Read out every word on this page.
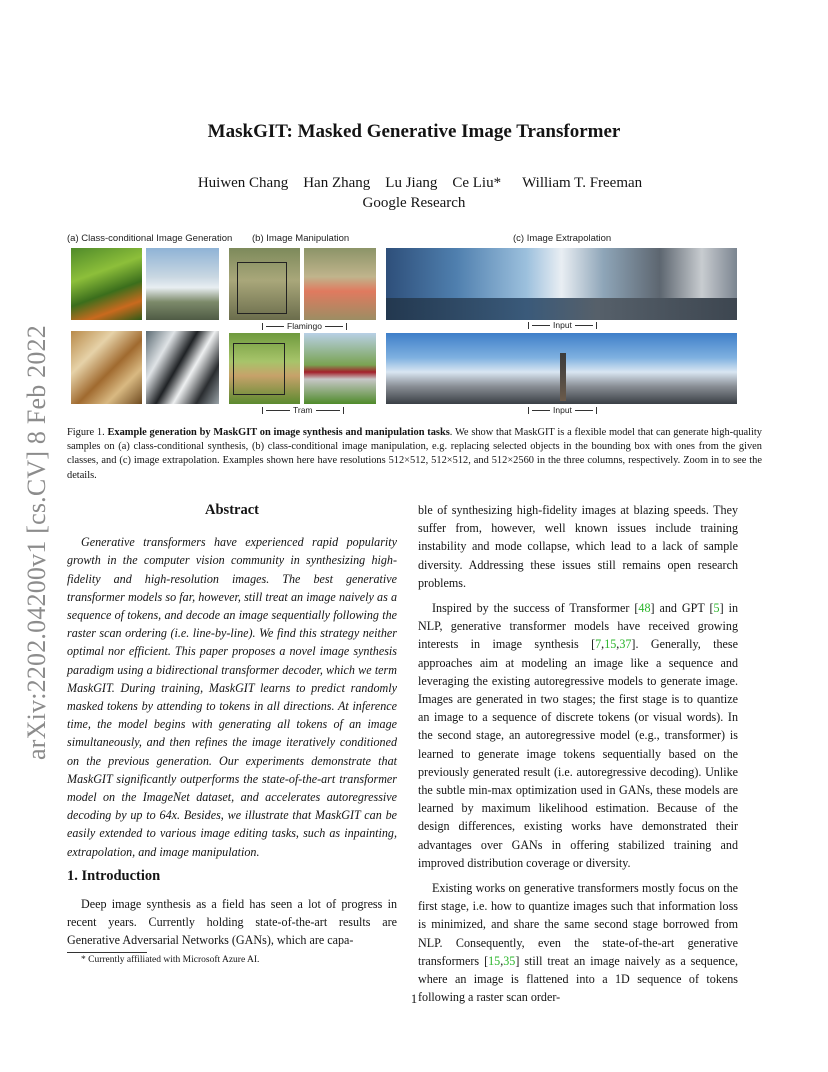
arXiv:2202.04200v1 [cs.CV] 8 Feb 2022
MaskGIT: Masked Generative Image Transformer
Huiwen Chang Han Zhang Lu Jiang Ce Liu* William T. Freeman
Google Research
(a) Class-conditional Image Generation (b) Image Manipulation	(c) Image Extrapolation
Flamingo
Tram
Input
Input
Figure 1. Example generation by MaskGIT on image synthesis and manipulation tasks. We show that MaskGIT is a flexible model that can generate high-quality samples on (a) class-conditional synthesis, (b) class-conditional image manipulation, e.g. replacing selected objects in the bounding box with ones from the given classes, and (c) image extrapolation. Examples shown here have resolutions 512×512, 512×512, and 512×2560 in the three columns, respectively. Zoom in to see the details.

Abstract

Generative transformers have experienced rapid popularity growth in the computer vision community in synthesizing high-fidelity and high-resolution images. The best generative transformer models so far, however, still treat an image naively as a sequence of tokens, and decode an image sequentially following the raster scan ordering (i.e. line-by-line). We find this strategy neither optimal nor efficient. This paper proposes a novel image synthesis paradigm using a bidirectional transformer decoder, which we term MaskGIT. During training, MaskGIT learns to predict randomly masked tokens by attending to tokens in all directions. At inference time, the model begins with generating all tokens of an image simultaneously, and then refines the image iteratively conditioned on the previous generation. Our experiments demonstrate that MaskGIT significantly outperforms the state-of-the-art transformer model on the ImageNet dataset, and accelerates autoregressive decoding by up to 64x. Besides, we illustrate that MaskGIT can be easily extended to various image editing tasks, such as inpainting, extrapolation, and image manipulation.

1. Introduction

Deep image synthesis as a field has seen a lot of progress in recent years. Currently holding state-of-the-art results are Generative Adversarial Networks (GANs), which are capa-

ble of synthesizing high-fidelity images at blazing speeds. They suffer from, however, well known issues include training instability and mode collapse, which lead to a lack of sample diversity. Addressing these issues still remains open research problems.

Inspired by the success of Transformer [48] and GPT [5] in NLP, generative transformer models have received growing interests in image synthesis [7,15,37]. Generally, these approaches aim at modeling an image like a sequence and leveraging the existing autoregressive models to generate image. Images are generated in two stages; the first stage is to quantize an image to a sequence of discrete tokens (or visual words). In the second stage, an autoregressive model (e.g., transformer) is learned to generate image tokens sequentially based on the previously generated result (i.e. autoregressive decoding). Unlike the subtle min-max optimization used in GANs, these models are learned by maximum likelihood estimation. Because of the design differences, existing works have demonstrated their advantages over GANs in offering stabilized training and improved distribution coverage or diversity.

Existing works on generative transformers mostly focus on the first stage, i.e. how to quantize images such that information loss is minimized, and share the same second stage borrowed from NLP. Consequently, even the state-of-the-art generative transformers [15,35] still treat an image naively as a sequence, where an image is flattened into a 1D sequence of tokens following a raster scan order-

* Currently affiliated with Microsoft Azure AI.
1
